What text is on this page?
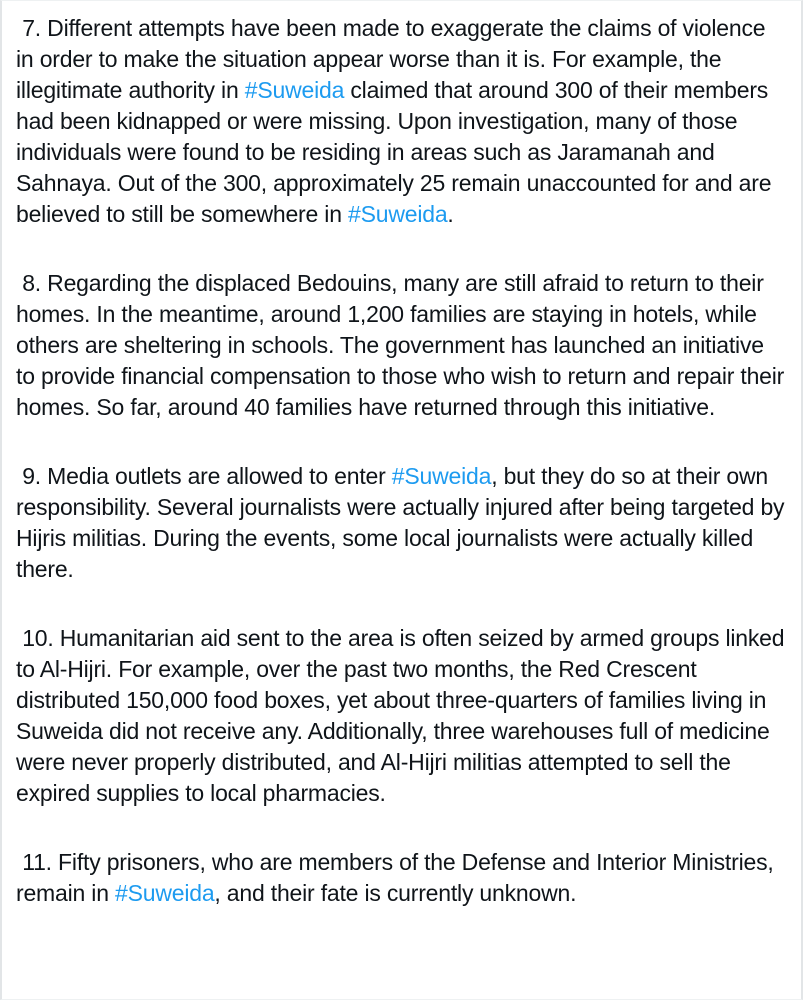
7. Different attempts have been made to exaggerate the claims of violence in order to make the situation appear worse than it is. For example, the illegitimate authority in #Suweida claimed that around 300 of their members had been kidnapped or were missing. Upon investigation, many of those individuals were found to be residing in areas such as Jaramanah and Sahnaya. Out of the 300, approximately 25 remain unaccounted for and are believed to still be somewhere in #Suweida.

8. Regarding the displaced Bedouins, many are still afraid to return to their homes. In the meantime, around 1,200 families are staying in hotels, while others are sheltering in schools. The government has launched an initiative to provide financial compensation to those who wish to return and repair their homes. So far, around 40 families have returned through this initiative.

9. Media outlets are allowed to enter #Suweida, but they do so at their own responsibility. Several journalists were actually injured after being targeted by Hijris militias. During the events, some local journalists were actually killed there.

10. Humanitarian aid sent to the area is often seized by armed groups linked to Al-Hijri. For example, over the past two months, the Red Crescent distributed 150,000 food boxes, yet about three-quarters of families living in Suweida did not receive any. Additionally, three warehouses full of medicine were never properly distributed, and Al-Hijri militias attempted to sell the expired supplies to local pharmacies.

11. Fifty prisoners, who are members of the Defense and Interior Ministries, remain in #Suweida, and their fate is currently unknown.
